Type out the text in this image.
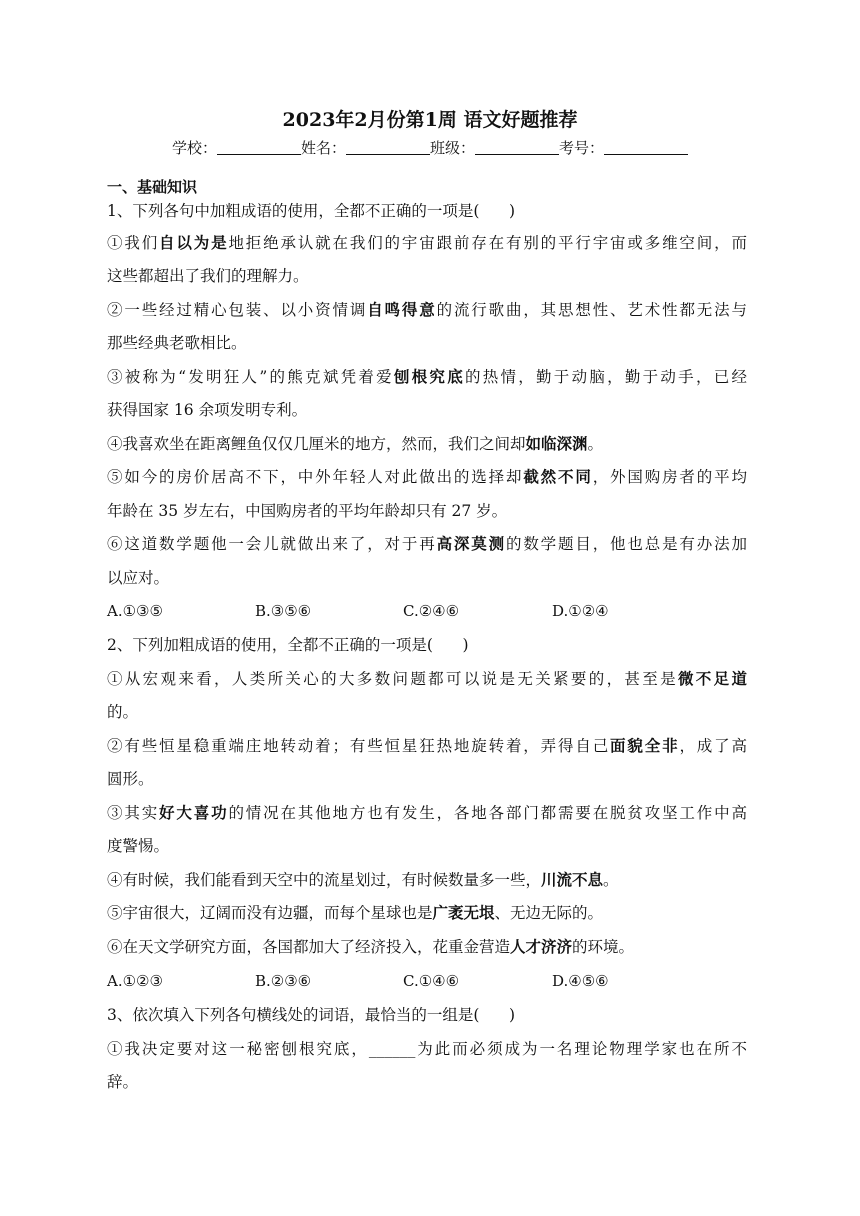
2023年2月份第1周 语文好题推荐
学校：	姓名：	班级：	考号：
一、基础知识
1、下列各句中加粗成语的使用，全都不正确的一项是(      )
①我们自以为是地拒绝承认就在我们的宇宙跟前存在有别的平行宇宙或多维空间，而
这些都超出了我们的理解力。
②一些经过精心包装、以小资情调自鸣得意的流行歌曲，其思想性、艺术性都无法与
那些经典老歌相比。
③被称为“发明狂人”的熊克斌凭着爱刨根究底的热情，勤于动脑，勤于动手，已经
获得国家 16 余项发明专利。
④我喜欢坐在距离鲤鱼仅仅几厘米的地方，然而，我们之间却如临深渊。
⑤如今的房价居高不下，中外年轻人对此做出的选择却截然不同，外国购房者的平均
年龄在 35 岁左右，中国购房者的平均年龄却只有 27 岁。
⑥这道数学题他一会儿就做出来了，对于再高深莫测的数学题目，他也总是有办法加
以应对。
A.①③⑤	B.③⑤⑥	C.②④⑥	D.①②④
2、下列加粗成语的使用，全都不正确的一项是(      )
①从宏观来看，人类所关心的大多数问题都可以说是无关紧要的，甚至是微不足道
的。
②有些恒星稳重端庄地转动着；有些恒星狂热地旋转着，弄得自己面貌全非，成了高
圆形。
③其实好大喜功的情况在其他地方也有发生，各地各部门都需要在脱贫攻坚工作中高
度警惕。
④有时候，我们能看到天空中的流星划过，有时候数量多一些，川流不息。
⑤宇宙很大，辽阔而没有边疆，而每个星球也是广袤无垠、无边无际的。
⑥在天文学研究方面，各国都加大了经济投入，花重金营造人才济济的环境。
A.①②③	B.②③⑥	C.①④⑥	D.④⑤⑥
3、依次填入下列各句横线处的词语，最恰当的一组是(      )
①我决定要对这一秘密刨根究底，______为此而必须成为一名理论物理学家也在所不
辞。
